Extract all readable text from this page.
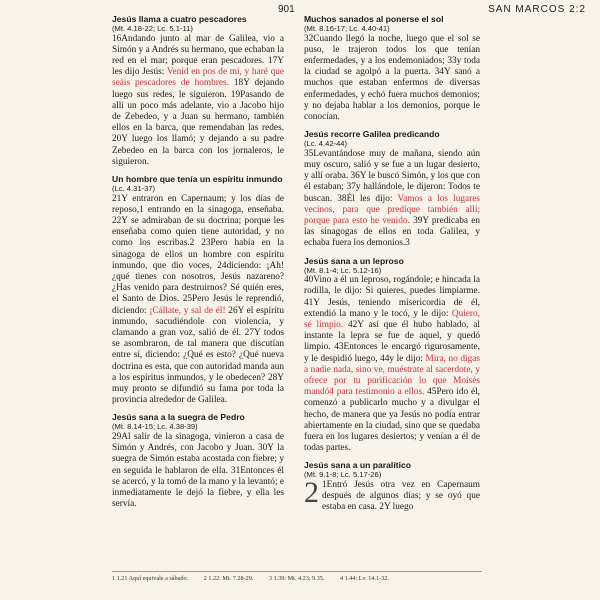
901	SAN MARCOS 2:2
Jesús llama a cuatro pescadores
(Mt. 4.18-22; Lc. 5.1-11)

16Andando junto al mar de Galilea, vio a Simón y a Andrés su hermano, que echaban la red en el mar; porque eran pescadores. 17Y les dijo Jesús: Venid en pos de mí, y haré que seáis pescadores de hombres. 18Y dejando luego sus redes, le siguieron. 19Pasando de allí un poco más adelante, vio a Jacobo hijo de Zebedeo, y a Juan su hermano, también ellos en la barca, que remendaban las redes. 20Y luego los llamó; y dejando a su padre Zebedeo en la barca con los jornaleros, le siguieron.

Un hombre que tenía un espíritu inmundo
(Lc. 4.31-37)

21Y entraron en Capernaum; y los días de reposo,1 entrando en la sinagoga, enseñaba. 22Y se admiraban de su doctrina; porque les enseñaba como quien tiene autoridad, y no como los escribas.2 23Pero había en la sinagoga de ellos un hombre con espíritu inmundo, que dio voces, 24diciendo: ¡Ah! ¿qué tienes con nosotros, Jesús nazareno? ¿Has venido para destruirnos? Sé quién eres, el Santo de Dios. 25Pero Jesús le reprendió, diciendo: ¡Cállate, y sal de él! 26Y el espíritu inmundo, sacudiéndole con violencia, y clamando a gran voz, salió de él. 27Y todos se asombraron, de tal manera que discutían entre sí, diciendo: ¿Qué es esto? ¿Qué nueva doctrina es esta, que con autoridad manda aun a los espíritus inmundos, y le obedecen? 28Y muy pronto se difundió su fama por toda la provincia alrededor de Galilea.

Jesús sana a la suegra de Pedro
(Mt. 8.14-15; Lc. 4.38-39)

29Al salir de la sinagoga, vinieron a casa de Simón y Andrés, con Jacobo y Juan. 30Y la suegra de Simón estaba acostada con fiebre; y en seguida le hablaron de ella. 31Entonces él se acercó, y la tomó de la mano y la levantó; e inmediatamente le dejó la fiebre, y ella les servía.

Muchos sanados al ponerse el sol
(Mt. 8.16-17; Lc. 4.40-41)

32Cuando llegó la noche, luego que el sol se puso, le trajeron todos los que tenían enfermedades, y a los endemoniados; 33y toda la ciudad se agolpó a la puerta. 34Y sanó a muchos que estaban enfermos de diversas enfermedades, y echó fuera muchos demonios; y no dejaba hablar a los demonios, porque le conocían.

Jesús recorre Galilea predicando
(Lc. 4.42-44)

35Levantándose muy de mañana, siendo aún muy oscuro, salió y se fue a un lugar desierto, y allí oraba. 36Y le buscó Simón, y los que con él estaban; 37y hallándole, le dijeron: Todos te buscan. 38Él les dijo: Vamos a los lugares vecinos, para que predique también allí; porque para esto he venido. 39Y predicaba en las sinagogas de ellos en toda Galilea, y echaba fuera los demonios.3

Jesús sana a un leproso
(Mt. 8.1-4; Lc. 5.12-16)

40Vino a él un leproso, rogándole; e hincada la rodilla, le dijo: Si quieres, puedes limpiarme. 41Y Jesús, teniendo misericordia de él, extendió la mano y le tocó, y le dijo: Quiero, sé limpio. 42Y así que él hubo hablado, al instante la lepra se fue de aquel, y quedó limpio. 43Entonces le encargó rigurosamente, y le despidió luego, 44y le dijo: Mira, no digas a nadie nada, sino ve, muéstrate al sacerdote, y ofrece por tu purificación lo que Moisés mandó4 para testimonio a ellos. 45Pero ido él, comenzó a publicarlo mucho y a divulgar el hecho, de manera que ya Jesús no podía entrar abiertamente en la ciudad, sino que se quedaba fuera en los lugares desiertos; y venían a él de todas partes.

Jesús sana a un paralítico
(Mt. 9.1-8; Lc. 5.17-26)

2 1Entró Jesús otra vez en Capernaum después de algunos días; y se oyó que estaba en casa. 2Y luego

1 1.21 Aquí equivale a sábado.	2 1.22: Mt. 7.28-29.	3 1.39: Mt. 4.23; 9.35.	4 1.44: Lv. 14.1-32.
